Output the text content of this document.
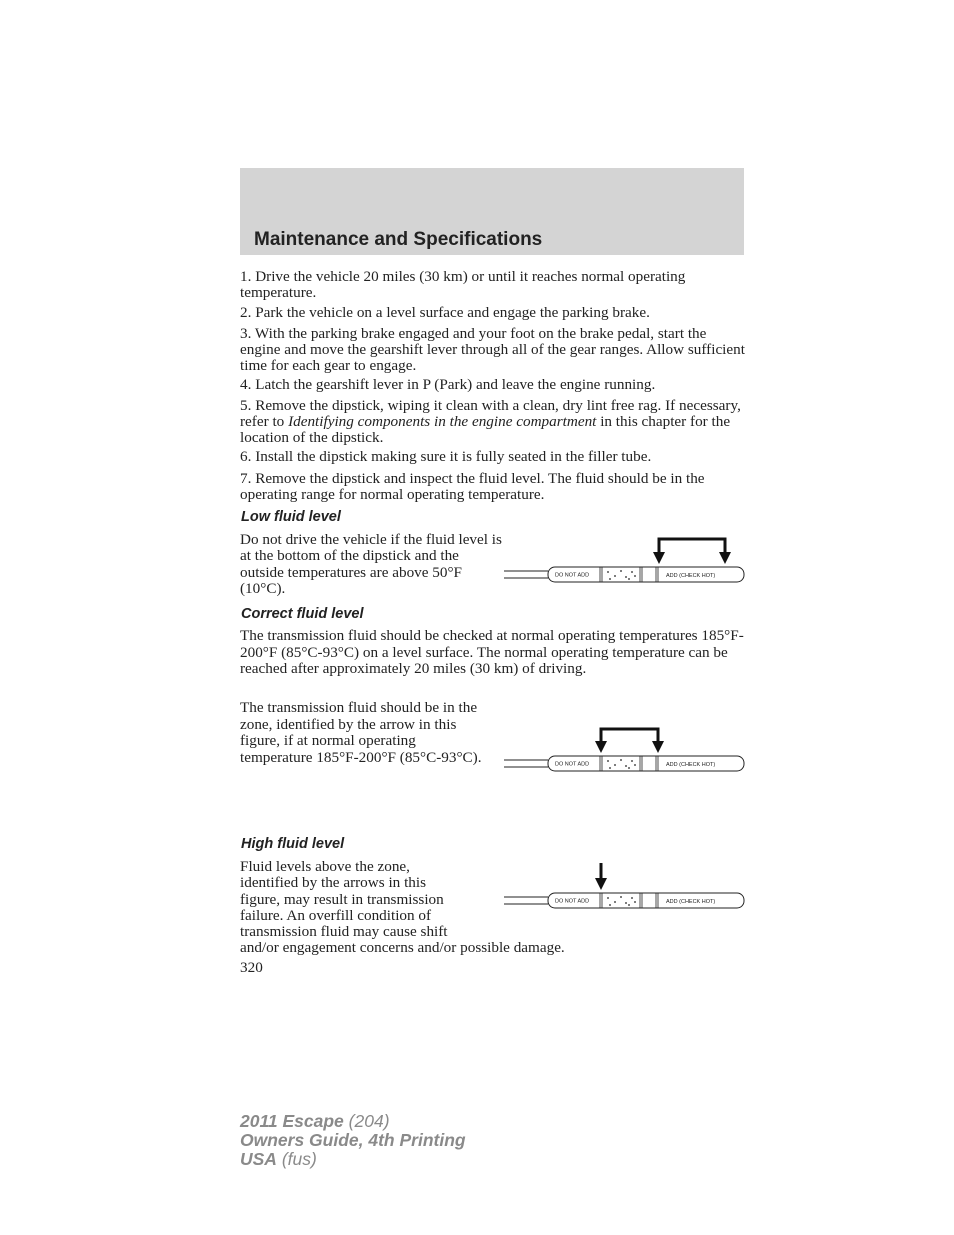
Maintenance and Specifications

1. Drive the vehicle 20 miles (30 km) or until it reaches normal operating temperature.

2. Park the vehicle on a level surface and engage the parking brake.

3. With the parking brake engaged and your foot on the brake pedal, start the engine and move the gearshift lever through all of the gear ranges. Allow sufficient time for each gear to engage.

4. Latch the gearshift lever in P (Park) and leave the engine running.

5. Remove the dipstick, wiping it clean with a clean, dry lint free rag. If necessary, refer to Identifying components in the engine compartment in this chapter for the location of the dipstick.

6. Install the dipstick making sure it is fully seated in the filler tube.

7. Remove the dipstick and inspect the fluid level. The fluid should be in the operating range for normal operating temperature.

Low fluid level

Do not drive the vehicle if the fluid level is at the bottom of the dipstick and the outside temperatures are above 50°F (10°C).

DO NOT ADD	ADD (CHECK HOT)
Correct fluid level

The transmission fluid should be checked at normal operating temperatures 185°F-200°F (85°C-93°C) on a level surface. The normal operating temperature can be reached after approximately 20 miles (30 km) of driving.

The transmission fluid should be in the zone, identified by the arrow in this figure, if at normal operating temperature 185°F-200°F (85°C-93°C).	DO NOT ADD	ADD (CHECK HOT)
High fluid level
Fluid levels above the zone,
identified by the arrows in this
figure, may result in transmission
failure. An overfill condition of
transmission fluid may cause shift
and/or engagement concerns and/or possible damage.
DO NOT ADD	ADD (CHECK HOT)
320
2011 Escape (204)
Owners Guide, 4th Printing
USA (fus)
